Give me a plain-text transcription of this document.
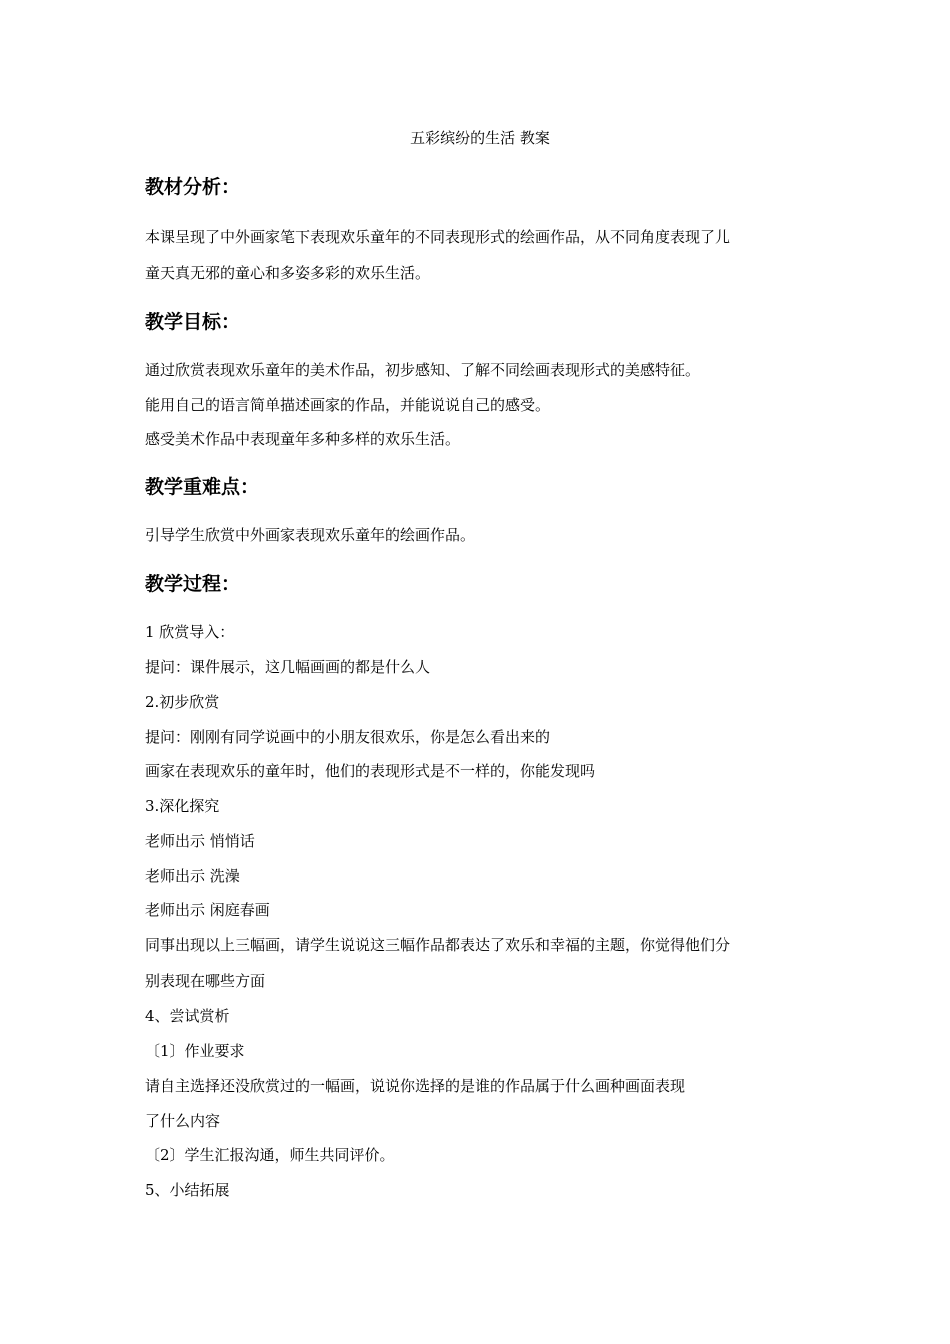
五彩缤纷的生活 教案
教材分析：
本课呈现了中外画家笔下表现欢乐童年的不同表现形式的绘画作品，从不同角度表现了儿
童天真无邪的童心和多姿多彩的欢乐生活。
教学目标：
通过欣赏表现欢乐童年的美术作品，初步感知、了解不同绘画表现形式的美感特征。
能用自己的语言简单描述画家的作品，并能说说自己的感受。
感受美术作品中表现童年多种多样的欢乐生活。
教学重难点：
引导学生欣赏中外画家表现欢乐童年的绘画作品。
教学过程：
1 欣赏导入：
提问：课件展示，这几幅画画的都是什么人
2.初步欣赏
提问：刚刚有同学说画中的小朋友很欢乐，你是怎么看出来的
画家在表现欢乐的童年时，他们的表现形式是不一样的，你能发现吗
3.深化探究
老师出示 悄悄话
老师出示 洗澡
老师出示 闲庭春画
同事出现以上三幅画，请学生说说这三幅作品都表达了欢乐和幸福的主题，你觉得他们分
别表现在哪些方面
4、尝试赏析
〔1〕作业要求
请自主选择还没欣赏过的一幅画，说说你选择的是谁的作品属于什么画种画面表现
了什么内容
〔2〕学生汇报沟通，师生共同评价。
5、小结拓展
